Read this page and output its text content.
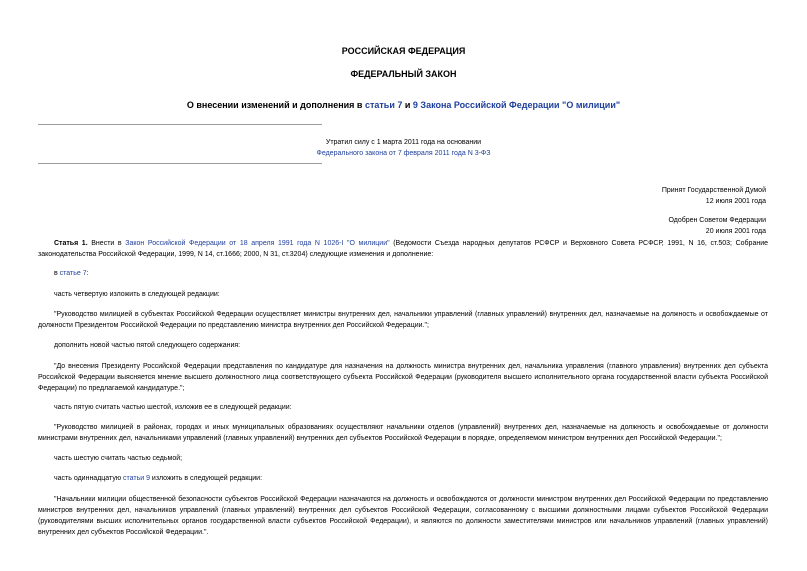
РОССИЙСКАЯ ФЕДЕРАЦИЯ
ФЕДЕРАЛЬНЫЙ ЗАКОН
О внесении изменений и дополнения в статьи 7 и 9 Закона Российской Федерации "О милиции"
Утратил силу с 1 марта 2011 года на основании
Федерального закона от 7 февраля 2011 года N 3-ФЗ
Принят Государственной Думой
12 июля 2001 года
Одобрен Советом Федерации
20 июля 2001 года
Статья 1. Внести в Закон Российской Федерации от 18 апреля 1991 года N 1026-I "О милиции" (Ведомости Съезда народных депутатов РСФСР и Верховного Совета РСФСР, 1991, N 16, ст.503; Собрание законодательства Российской Федерации, 1999, N 14, ст.1666; 2000, N 31, ст.3204) следующие изменения и дополнение:
в статье 7:
часть четвертую изложить в следующей редакции:
"Руководство милицией в субъектах Российской Федерации осуществляет министры внутренних дел, начальники управлений (главных управлений) внутренних дел, назначаемые на должность и освобождаемые от должности Президентом Российской Федерации по представлению министра внутренних дел Российской Федерации.";
дополнить новой частью пятой следующего содержания:
"До внесения Президенту Российской Федерации представления по кандидатуре для назначения на должность министра внутренних дел, начальника управления (главного управления) внутренних дел субъекта Российской Федерации выясняется мнение высшего должностного лица соответствующего субъекта Российской Федерации (руководителя высшего исполнительного органа государственной власти субъекта Российской Федерации) по предлагаемой кандидатуре.";
часть пятую считать частью шестой, изложив ее в следующей редакции:
"Руководство милицией в районах, городах и иных муниципальных образованиях осуществляют начальники отделов (управлений) внутренних дел, назначаемые на должность и освобождаемые от должности министрами внутренних дел, начальниками управлений (главных управлений) внутренних дел субъектов Российской Федерации в порядке, определяемом министром внутренних дел Российской Федерации.";
часть шестую считать частью седьмой;
часть одиннадцатую статьи 9 изложить в следующей редакции:
"Начальники милиции общественной безопасности субъектов Российской Федерации назначаются на должность и освобождаются от должности министром внутренних дел Российской Федерации по представлению министров внутренних дел, начальников управлений (главных управлений) внутренних дел субъектов Российской Федерации, согласованному с высшими должностными лицами субъектов Российской Федерации (руководителями высших исполнительных органов государственной власти субъектов Российской Федерации), и являются по должности заместителями министров или начальников управлений (главных управлений) внутренних дел субъектов Российской Федерации.".
